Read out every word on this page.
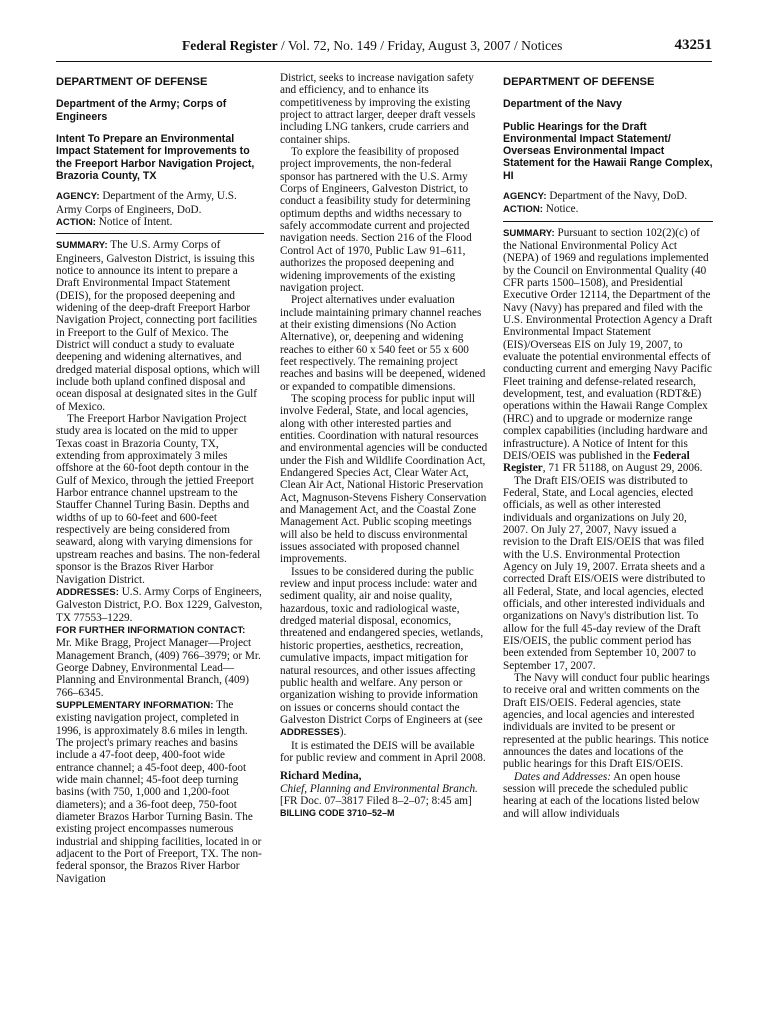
Federal Register / Vol. 72, No. 149 / Friday, August 3, 2007 / Notices	43251
DEPARTMENT OF DEFENSE
Department of the Army; Corps of Engineers
Intent To Prepare an Environmental Impact Statement for Improvements to the Freeport Harbor Navigation Project, Brazoria County, TX

AGENCY: Department of the Army, U.S. Army Corps of Engineers, DoD.

ACTION: Notice of Intent.

SUMMARY: The U.S. Army Corps of Engineers, Galveston District, is issuing this notice to announce its intent to prepare a Draft Environmental Impact Statement (DEIS), for the proposed deepening and widening of the deep-draft Freeport Harbor Navigation Project, connecting port facilities in Freeport to the Gulf of Mexico. The District will conduct a study to evaluate deepening and widening alternatives, and dredged material disposal options, which will include both upland confined disposal and ocean disposal at designated sites in the Gulf of Mexico.

The Freeport Harbor Navigation Project study area is located on the mid to upper Texas coast in Brazoria County, TX, extending from approximately 3 miles offshore at the 60-foot depth contour in the Gulf of Mexico, through the jettied Freeport Harbor entrance channel upstream to the Stauffer Channel Turing Basin. Depths and widths of up to 60-feet and 600-feet respectively are being considered from seaward, along with varying dimensions for upstream reaches and basins. The non-federal sponsor is the Brazos River Harbor Navigation District.

ADDRESSES: U.S. Army Corps of Engineers, Galveston District, P.O. Box 1229, Galveston, TX 77553–1229.

FOR FURTHER INFORMATION CONTACT: Mr. Mike Bragg, Project Manager—Project Management Branch, (409) 766–3979; or Mr. George Dabney, Environmental Lead—Planning and Environmental Branch, (409) 766–6345.

SUPPLEMENTARY INFORMATION: The existing navigation project, completed in 1996, is approximately 8.6 miles in length. The project's primary reaches and basins include a 47-foot deep, 400-foot wide entrance channel; a 45-foot deep, 400-foot wide main channel; 45-foot deep turning basins (with 750, 1,000 and 1,200-foot diameters); and a 36-foot deep, 750-foot diameter Brazos Harbor Turning Basin. The existing project encompasses numerous industrial and shipping facilities, located in or adjacent to the Port of Freeport, TX. The non-federal sponsor, the Brazos River Harbor Navigation

District, seeks to increase navigation safety and efficiency, and to enhance its competitiveness by improving the existing project to attract larger, deeper draft vessels including LNG tankers, crude carriers and container ships.

To explore the feasibility of proposed project improvements, the non-federal sponsor has partnered with the U.S. Army Corps of Engineers, Galveston District, to conduct a feasibility study for determining optimum depths and widths necessary to safely accommodate current and projected navigation needs. Section 216 of the Flood Control Act of 1970, Public Law 91–611, authorizes the proposed deepening and widening improvements of the existing navigation project.

Project alternatives under evaluation include maintaining primary channel reaches at their existing dimensions (No Action Alternative), or, deepening and widening reaches to either 60 x 540 feet or 55 x 600 feet respectively. The remaining project reaches and basins will be deepened, widened or expanded to compatible dimensions.

The scoping process for public input will involve Federal, State, and local agencies, along with other interested parties and entities. Coordination with natural resources and environmental agencies will be conducted under the Fish and Wildlife Coordination Act, Endangered Species Act, Clear Water Act, Clean Air Act, National Historic Preservation Act, Magnuson-Stevens Fishery Conservation and Management Act, and the Coastal Zone Management Act. Public scoping meetings will also be held to discuss environmental issues associated with proposed channel improvements.

Issues to be considered during the public review and input process include: water and sediment quality, air and noise quality, hazardous, toxic and radiological waste, dredged material disposal, economics, threatened and endangered species, wetlands, historic properties, aesthetics, recreation, cumulative impacts, impact mitigation for natural resources, and other issues affecting public health and welfare. Any person or organization wishing to provide information on issues or concerns should contact the Galveston District Corps of Engineers at (see ADDRESSES).

It is estimated the DEIS will be available for public review and comment in April 2008.

Richard Medina,

Chief, Planning and Environmental Branch.

[FR Doc. 07–3817 Filed 8–2–07; 8:45 am]

BILLING CODE 3710–52–M

DEPARTMENT OF DEFENSE
Department of the Navy
Public Hearings for the Draft Environmental Impact Statement/ Overseas Environmental Impact Statement for the Hawaii Range Complex, HI

AGENCY: Department of the Navy, DoD.

ACTION: Notice.

SUMMARY: Pursuant to section 102(2)(c) of the National Environmental Policy Act (NEPA) of 1969 and regulations implemented by the Council on Environmental Quality (40 CFR parts 1500–1508), and Presidential Executive Order 12114, the Department of the Navy (Navy) has prepared and filed with the U.S. Environmental Protection Agency a Draft Environmental Impact Statement (EIS)/Overseas EIS on July 19, 2007, to evaluate the potential environmental effects of conducting current and emerging Navy Pacific Fleet training and defense-related research, development, test, and evaluation (RDT&E) operations within the Hawaii Range Complex (HRC) and to upgrade or modernize range complex capabilities (including hardware and infrastructure). A Notice of Intent for this DEIS/OEIS was published in the Federal Register, 71 FR 51188, on August 29, 2006.

The Draft EIS/OEIS was distributed to Federal, State, and Local agencies, elected officials, as well as other interested individuals and organizations on July 20, 2007. On July 27, 2007, Navy issued a revision to the Draft EIS/OEIS that was filed with the U.S. Environmental Protection Agency on July 19, 2007. Errata sheets and a corrected Draft EIS/OEIS were distributed to all Federal, State, and local agencies, elected officials, and other interested individuals and organizations on Navy's distribution list. To allow for the full 45-day review of the Draft EIS/OEIS, the public comment period has been extended from September 10, 2007 to September 17, 2007.

The Navy will conduct four public hearings to receive oral and written comments on the Draft EIS/OEIS. Federal agencies, state agencies, and local agencies and interested individuals are invited to be present or represented at the public hearings. This notice announces the dates and locations of the public hearings for this Draft EIS/OEIS.

Dates and Addresses: An open house session will precede the scheduled public hearing at each of the locations listed below and will allow individuals
